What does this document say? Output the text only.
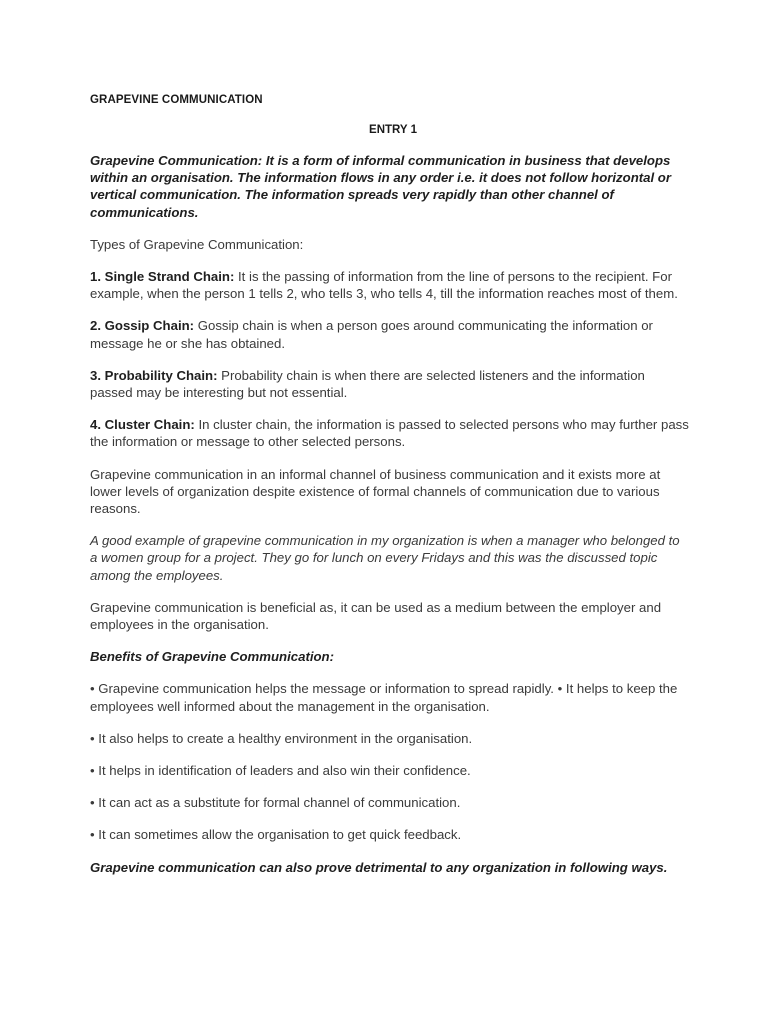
GRAPEVINE COMMUNICATION
ENTRY 1

Grapevine Communication: It is a form of informal communication in business that develops within an organisation. The information flows in any order i.e. it does not follow horizontal or vertical communication. The information spreads very rapidly than other channel of communications.

Types of Grapevine Communication:

1. Single Strand Chain: It is the passing of information from the line of persons to the recipient. For example, when the person 1 tells 2, who tells 3, who tells 4, till the information reaches most of them.

2. Gossip Chain: Gossip chain is when a person goes around communicating the information or message he or she has obtained.

3. Probability Chain: Probability chain is when there are selected listeners and the information passed may be interesting but not essential.

4. Cluster Chain: In cluster chain, the information is passed to selected persons who may further pass the information or message to other selected persons.

Grapevine communication in an informal channel of business communication and it exists more at lower levels of organization despite existence of formal channels of communication due to various reasons.

A good example of grapevine communication in my organization is when a manager who belonged to a women group for a project. They go for lunch on every Fridays and this was the discussed topic among the employees.

Grapevine communication is beneficial as, it can be used as a medium between the employer and employees in the organisation.

Benefits of Grapevine Communication:

• Grapevine communication helps the message or information to spread rapidly. • It helps to keep the employees well informed about the management in the organisation.

• It also helps to create a healthy environment in the organisation.

• It helps in identification of leaders and also win their confidence.

• It can act as a substitute for formal channel of communication.

• It can sometimes allow the organisation to get quick feedback.

Grapevine communication can also prove detrimental to any organization in following ways.
